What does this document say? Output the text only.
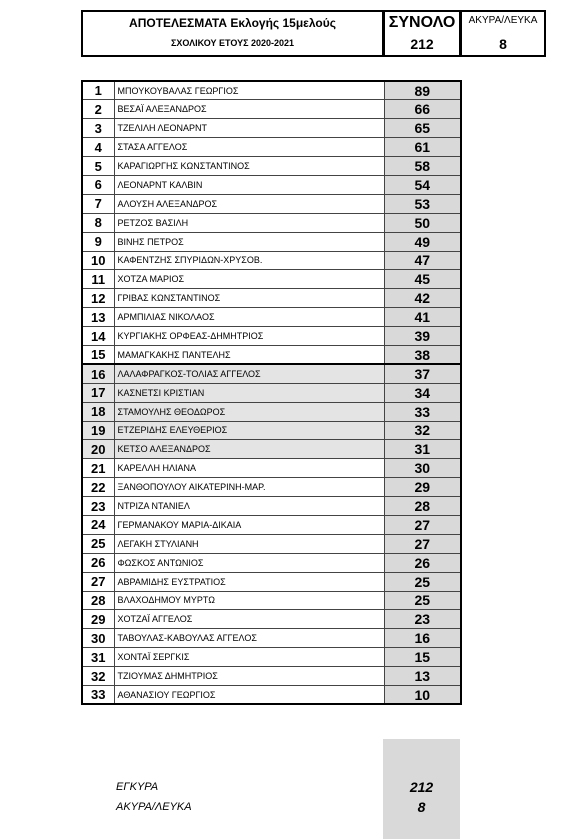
ΑΠΟΤΕΛΕΣΜΑΤΑ Εκλογής 15μελούς
ΣΧΟΛΙΚΟΥ ΕΤΟΥΣ 2020-2021
ΣΥΝΟΛΟ
212
ΑΚΥΡΑ/ΛΕΥΚΑ
8
1	ΜΠΟΥΚΟΥΒΑΛΑΣ ΓΕΩΡΓΙΟΣ	89
2	ΒΕΣΑΪ ΑΛΕΞΑΝΔΡΟΣ	66
3	ΤΖΕΛΙΛΗ ΛΕΟΝΑΡΝΤ	65
4	ΣΤΑΣΑ ΑΓΓΕΛΟΣ	61
5	ΚΑΡΑΓΙΩΡΓΗΣ ΚΩΝΣΤΑΝΤΙΝΟΣ	58
6	ΛΕΟΝΑΡΝΤ ΚΑΛΒΙΝ	54
7	ΑΛΟΥΣΗ ΑΛΕΞΑΝΔΡΟΣ	53
8	ΡΕΤΖΟΣ ΒΑΣΙΛΗ	50
9	ΒΙΝΗΣ ΠΕΤΡΟΣ	49
10	ΚΑΦΕΝΤΖΗΣ ΣΠΥΡΙΔΩΝ-ΧΡΥΣΟΒ.	47
11	ΧΟΤΖΑ ΜΑΡΙΟΣ	45
12	ΓΡΙΒΑΣ ΚΩΝΣΤΑΝΤΙΝΟΣ	42
13	ΑΡΜΠΙΛΙΑΣ ΝΙΚΟΛΑΟΣ	41
14	ΚΥΡΓΙΑΚΗΣ ΟΡΦΕΑΣ-ΔΗΜΗΤΡΙΟΣ	39
15	ΜΑΜΑΓΚΑΚΗΣ ΠΑΝΤΕΛΗΣ	38
16	ΛΑΛΑΦΡΑΓΚΟΣ-ΤΟΛΙΑΣ ΑΓΓΕΛΟΣ	37
17	ΚΑΣΝΕΤΣΙ ΚΡΙΣΤΙΑΝ	34
18	ΣΤΑΜΟΥΛΗΣ ΘΕΟΔΩΡΟΣ	33
19	ΕΤΖΕΡΙΔΗΣ ΕΛΕΥΘΕΡΙΟΣ	32
20	ΚΕΤΣΟ ΑΛΕΞΑΝΔΡΟΣ	31
21	ΚΑΡΕΛΛΗ ΗΛΙΑΝΑ	30
22	ΞΑΝΘΟΠΟΥΛΟΥ ΑΙΚΑΤΕΡΙΝΗ-ΜΑΡ.	29
23	ΝΤΡΙΖΑ ΝΤΑΝΙΕΛ	28
24	ΓΕΡΜΑΝΑΚΟΥ ΜΑΡΙΑ-ΔΙΚΑΙΑ	27
25	ΛΕΓΑΚΗ ΣΤΥΛΙΑΝΗ	27
26	ΦΩΣΚΟΣ ΑΝΤΩΝΙΟΣ	26
27	ΑΒΡΑΜΙΔΗΣ ΕΥΣΤΡΑΤΙΟΣ	25
28	ΒΛΑΧΟΔΗΜΟΥ ΜΥΡΤΩ	25
29	ΧΟΤΖΑΪ ΑΓΓΕΛΟΣ	23
30	ΤΑΒΟΥΛΑΣ-ΚΑΒΟΥΛΑΣ ΑΓΓΕΛΟΣ	16
31	ΧΟΝΤΑΪ ΣΕΡΓΚΙΣ	15
32	ΤΖΙΟΥΜΑΣ ΔΗΜΗΤΡΙΟΣ	13
33	ΑΘΑΝΑΣΙΟΥ ΓΕΩΡΓΙΟΣ	10
ΕΓΚΥΡΑ	212
ΑΚΥΡΑ/ΛΕΥΚΑ	8
